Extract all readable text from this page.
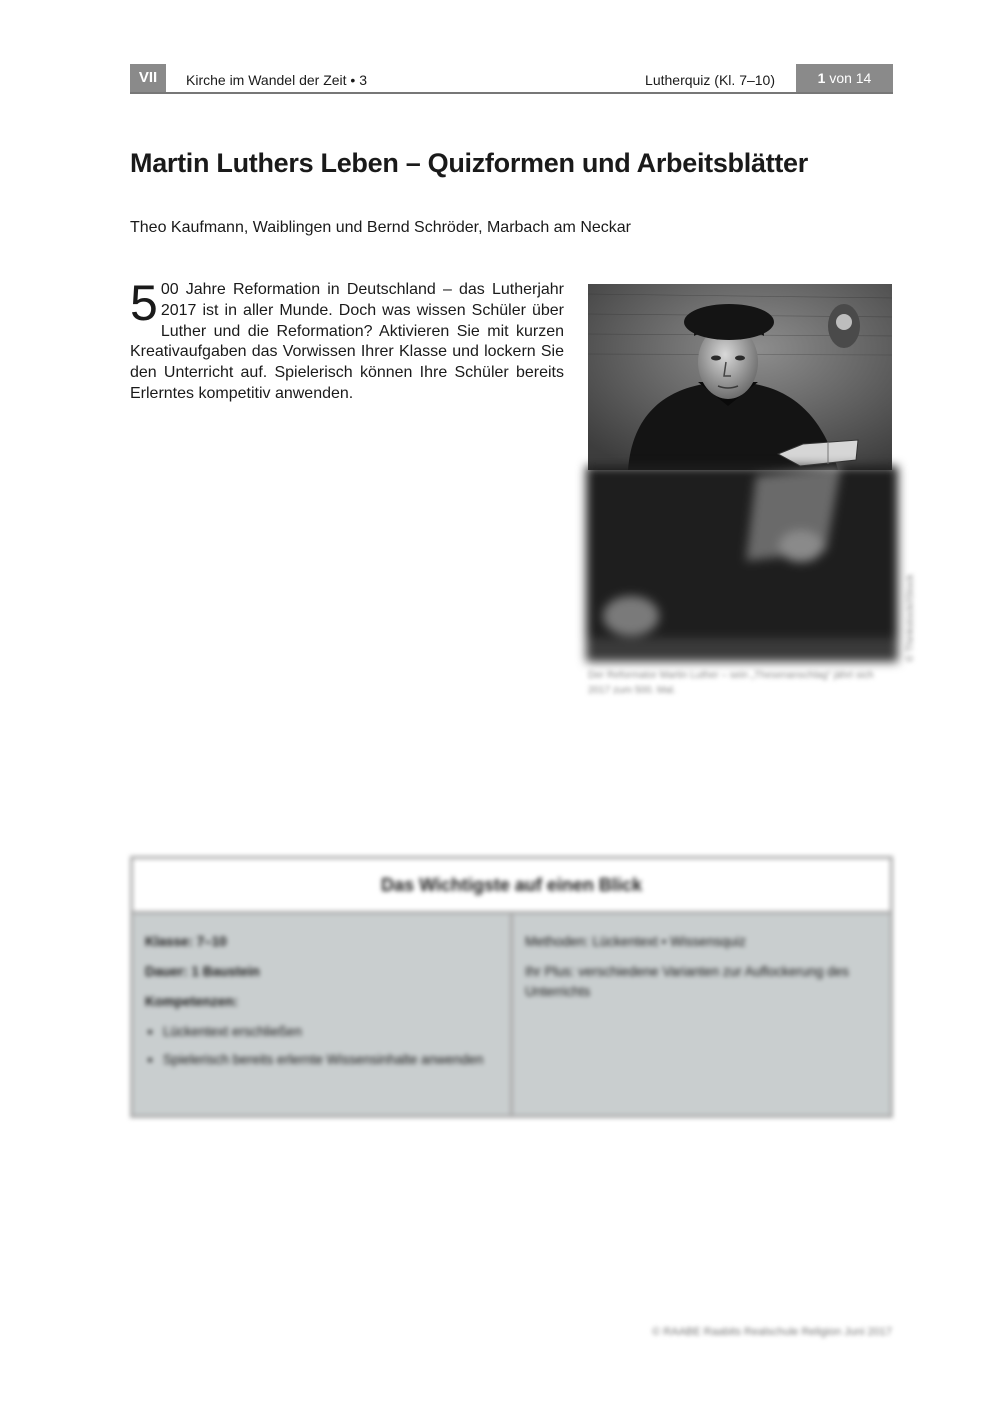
VII	Kirche im Wandel der Zeit • 3	Lutherquiz (Kl. 7–10)	1 von 14
Martin Luthers Leben – Quizformen und Arbeitsblätter
Theo Kaufmann, Waiblingen und Bernd Schröder, Marbach am Neckar

5 00 Jahre Reformation in Deutschland – das Lutherjahr 2017 ist in aller Munde. Doch was wissen Schüler über Luther und die Reformation? Aktivieren Sie mit kurzen Kreativaufgaben das Vorwissen Ihrer Klasse und lockern Sie den Unterricht auf. Spielerisch können Ihre Schüler bereits Erlerntes kompetitiv anwenden.

Der Reformator Martin Luther – sein „Thesenanschlag“ jährt sich 2017 zum 500. Mal.
© Thinkstock/iStock
Das Wichtigste auf einen Blick

Klasse: 7–10

Dauer: 1 Baustein

Kompetenzen:

• Lückentext erschließen
• Spielerisch bereits erlernte Wissensinhalte anwenden

Methoden: Lückentext • Wissensquiz

Ihr Plus: verschiedene Varianten zur Auflockerung des Unterrichts

© RAABE Raabits Realschule Religion Juni 2017
